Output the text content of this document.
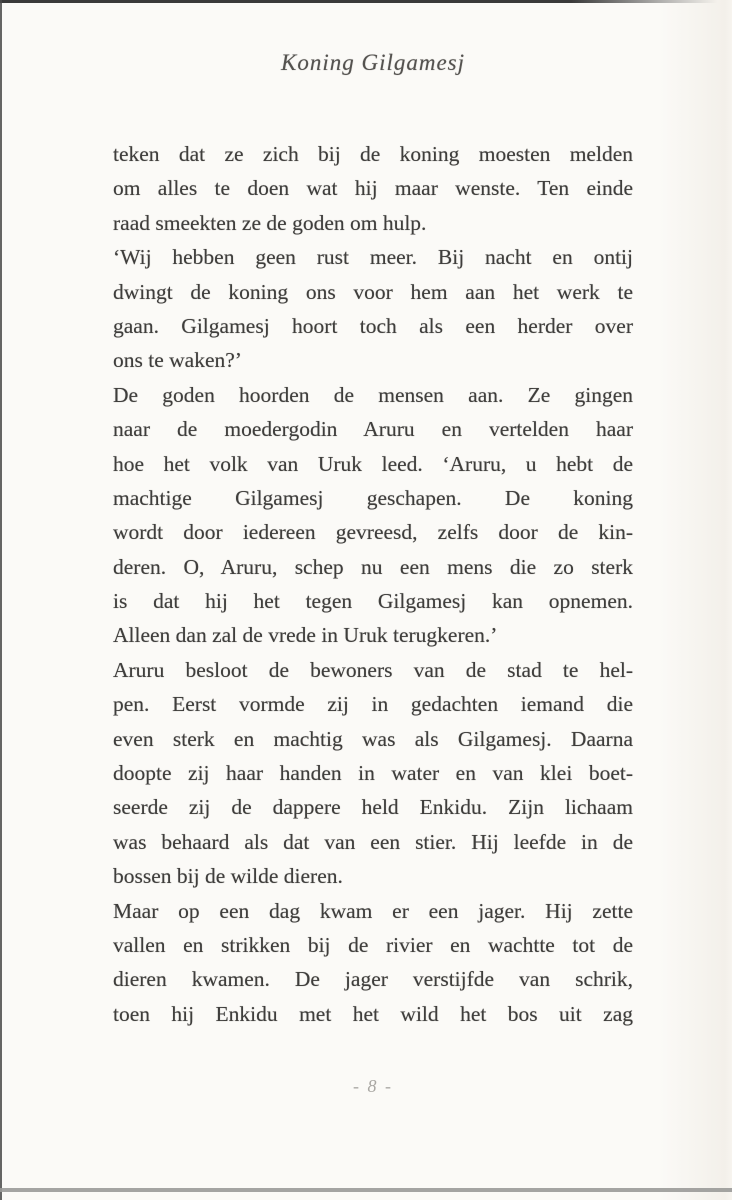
Koning Gilgamesj
teken dat ze zich bij de koning moesten melden
om alles te doen wat hij maar wenste. Ten einde
raad smeekten ze de goden om hulp.
‘Wij hebben geen rust meer. Bij nacht en ontij
dwingt de koning ons voor hem aan het werk te
gaan. Gilgamesj hoort toch als een herder over
ons te waken?’
De goden hoorden de mensen aan. Ze gingen
naar de moedergodin Aruru en vertelden haar
hoe het volk van Uruk leed. ‘Aruru, u hebt de
machtige Gilgamesj geschapen. De koning
wordt door iedereen gevreesd, zelfs door de kin-
deren. O, Aruru, schep nu een mens die zo sterk
is dat hij het tegen Gilgamesj kan opnemen.
Alleen dan zal de vrede in Uruk terugkeren.’
Aruru besloot de bewoners van de stad te hel-
pen. Eerst vormde zij in gedachten iemand die
even sterk en machtig was als Gilgamesj. Daarna
doopte zij haar handen in water en van klei boet-
seerde zij de dappere held Enkidu. Zijn lichaam
was behaard als dat van een stier. Hij leefde in de
bossen bij de wilde dieren.
Maar op een dag kwam er een jager. Hij zette
vallen en strikken bij de rivier en wachtte tot de
dieren kwamen. De jager verstijfde van schrik,
toen hij Enkidu met het wild het bos uit zag
- 8 -
